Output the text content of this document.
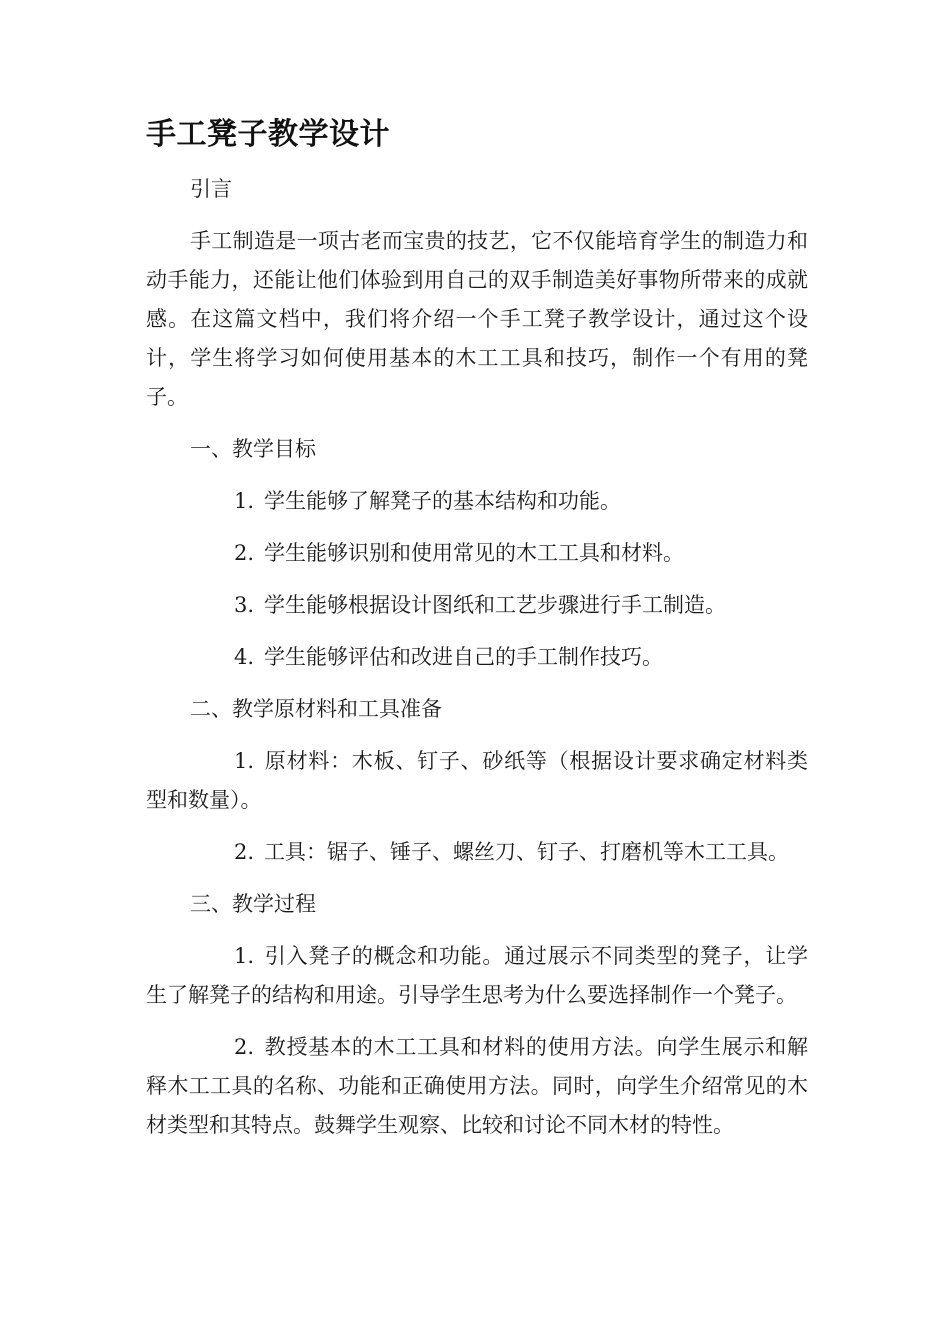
手工凳子教学设计

引言

手工制造是一项古老而宝贵的技艺，它不仅能培育学生的制造力和动手能力，还能让他们体验到用自己的双手制造美好事物所带来的成就感。在这篇文档中，我们将介绍一个手工凳子教学设计，通过这个设计，学生将学习如何使用基本的木工工具和技巧，制作一个有用的凳子。

一、教学目标

1. 学生能够了解凳子的基本结构和功能。

2. 学生能够识别和使用常见的木工工具和材料。

3. 学生能够根据设计图纸和工艺步骤进行手工制造。

4. 学生能够评估和改进自己的手工制作技巧。

二、教学原材料和工具准备

1. 原材料：木板、钉子、砂纸等（根据设计要求确定材料类型和数量）。

2. 工具：锯子、锤子、螺丝刀、钉子、打磨机等木工工具。

三、教学过程

1. 引入凳子的概念和功能。通过展示不同类型的凳子，让学生了解凳子的结构和用途。引导学生思考为什么要选择制作一个凳子。

2. 教授基本的木工工具和材料的使用方法。向学生展示和解释木工工具的名称、功能和正确使用方法。同时，向学生介绍常见的木材类型和其特点。鼓舞学生观察、比较和讨论不同木材的特性。
